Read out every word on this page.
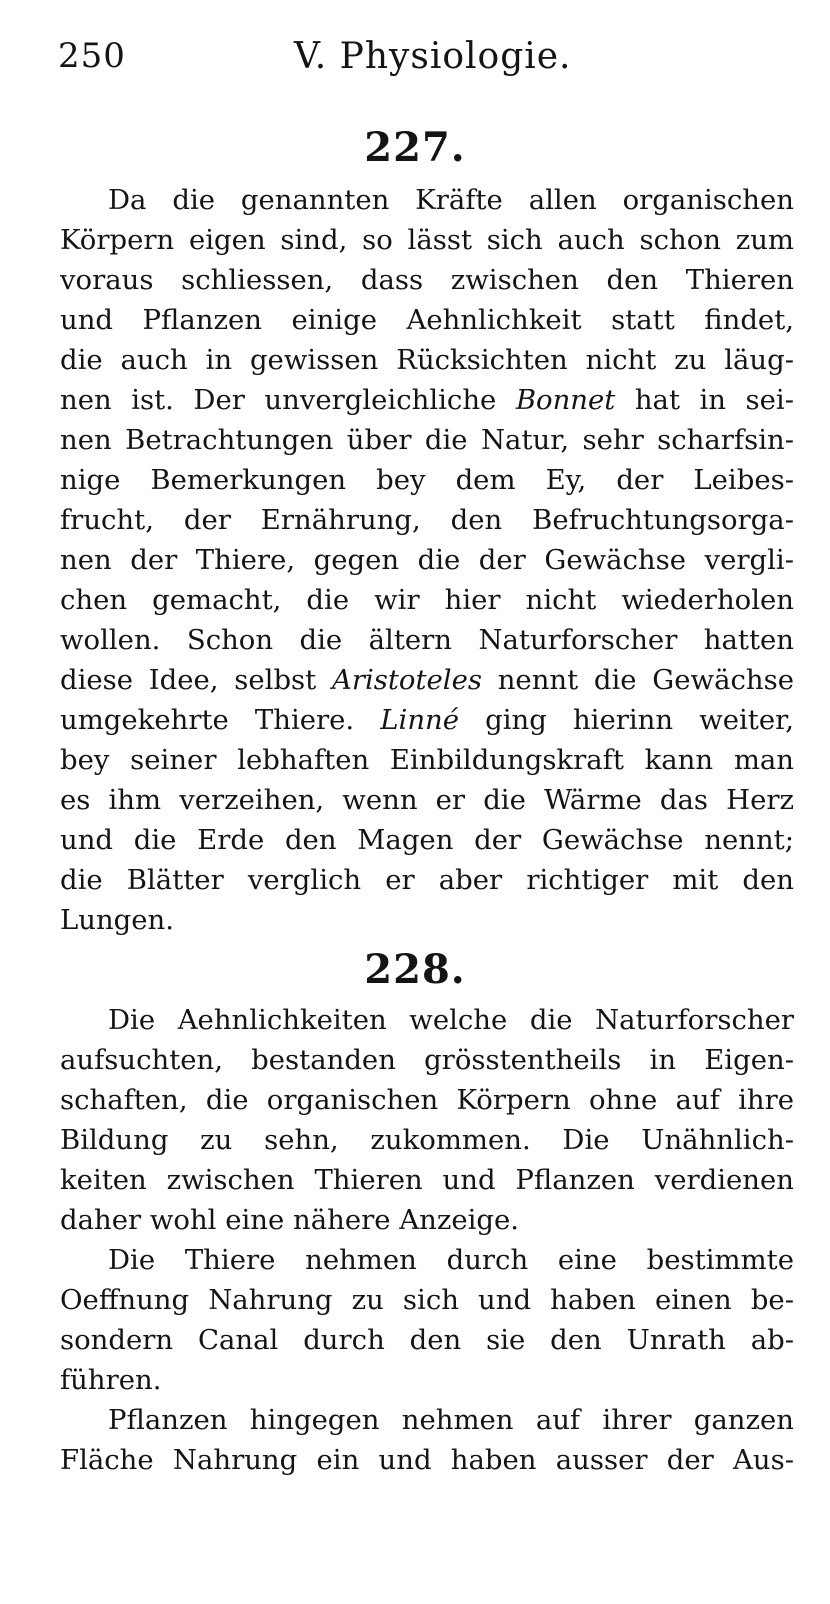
250	V. Physiologie.
227.
Da die genannten Kräfte allen organischen
Körpern eigen sind, so lässt sich auch schon zum
voraus schliessen, dass zwischen den Thieren
und Pflanzen einige Aehnlichkeit statt findet,
die auch in gewissen Rücksichten nicht zu läug-
nen ist. Der unvergleichliche Bonnet hat in sei-
nen Betrachtungen über die Natur, sehr scharfsin-
nige Bemerkungen bey dem Ey, der Leibes-
frucht, der Ernährung, den Befruchtungsorga-
nen der Thiere, gegen die der Gewächse vergli-
chen gemacht, die wir hier nicht wiederholen
wollen. Schon die ältern Naturforscher hatten
diese Idee, selbst Aristoteles nennt die Gewächse
umgekehrte Thiere. Linné ging hierinn weiter,
bey seiner lebhaften Einbildungskraft kann man
es ihm verzeihen, wenn er die Wärme das Herz
und die Erde den Magen der Gewächse nennt;
die Blätter verglich er aber richtiger mit den
Lungen.
228.
Die Aehnlichkeiten welche die Naturforscher
aufsuchten, bestanden grösstentheils in Eigen-
schaften, die organischen Körpern ohne auf ihre
Bildung zu sehn, zukommen. Die Unähnlich-
keiten zwischen Thieren und Pflanzen verdienen
daher wohl eine nähere Anzeige.
Die Thiere nehmen durch eine bestimmte
Oeffnung Nahrung zu sich und haben einen be-
sondern Canal durch den sie den Unrath ab-
führen.
Pflanzen hingegen nehmen auf ihrer ganzen
Fläche Nahrung ein und haben ausser der Aus-
